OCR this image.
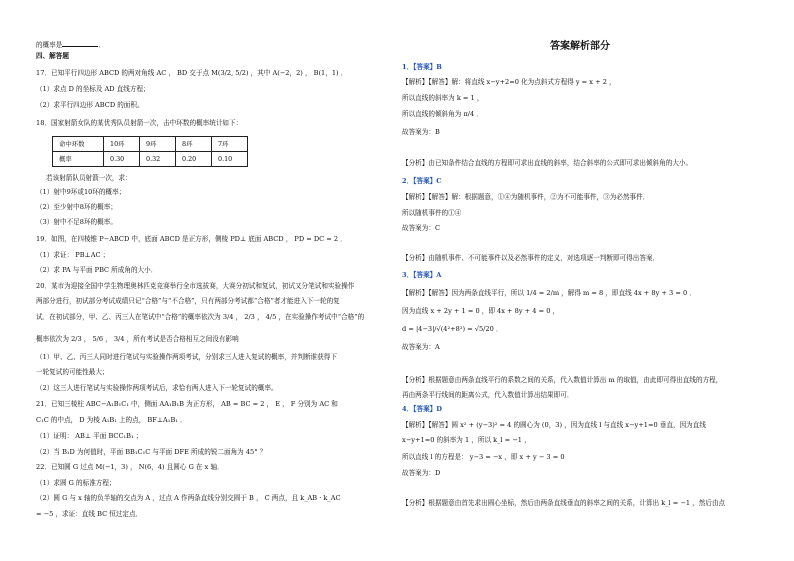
的概率是	．
四、解答题
17．已知平行四边形 ABCD 的两对角线 AC ， BD 交于点 M(3/2, 5/2) ，其中 A(−2，2) ， B(1，1) ．
（1）求点 D 的坐标及 AD 直线方程；
（2）求平行四边形 ABCD 的面积。
18．国家射箭女队的某优秀队员射箭一次，击中环数的概率统计如下：
命中环数	10环	9环	8环	7环
概率	0.30	0.32	0.20	0.10
若该射箭队员射箭一次，求：
（1）射中9环或10环的概率；
（2）至少射中8环的概率；
（3）射中不足8环的概率。
19．如图，在四棱锥 P−ABCD 中，底面 ABCD 是正方形，侧棱 PD⊥ 底面 ABCD ， PD = DC = 2 ．
（1）求证： PB⊥AC ；
（2）求 PA 与平面 PBC 所成角的大小．
20．某市为迎接全国中学生物理奥林匹克竞赛举行全市选拔赛，大赛分初试和复试，初试又分笔试和实验操作
两部分进行，初试部分考试成绩只记“合格”与“不合格”，只有两部分考试都“合格”者才能进入下一轮的复
试．在初试部分，甲、乙、丙三人在笔试中“合格”的概率依次为 3/4 ， 2/3 ， 4/5 ，在实验操作考试中“合格”的
概率依次为 2/3 ， 5/6 ， 3/4 ，所有考试是否合格相互之间没有影响
（1）甲、乙、丙三人同时进行笔试与实验操作两项考试，分别求三人进入复试的概率，并判断谁获得下
一轮复试的可能性最大；
（2）这三人进行笔试与实验操作两项考试后，求恰有两人进入下一轮复试的概率。
21．已知三棱柱 ABC−A₁B₁C₁ 中，侧面 AA₁B₁B 为正方形， AB = BC = 2 ， E ， F 分别为 AC 和
C₁C 的中点， D 为棱 A₁B₁ 上的点， BF⊥A₁B₁ ．
（1）证明： AB⊥ 平面 BCC₁B₁ ；
（2）当 B₁D 为何值时，平面 BB₁C₁C 与平面 DFE 所成的锐二面角为 45° ？
22．已知圆 G 过点 M(−1，3) ， N(6，4) 且圆心 G 在 x 轴．
（1）求圆 G 的标准方程；
（2）圆 G 与 x 轴的负半轴的交点为 A ，过点 A 作两条直线分别交圆于 B ， C 两点，且 k_AB · k_AC
= −5 ，求证：直线 BC 恒过定点．
答案解析部分
1．【答案】B
【解析】【解答】解：将直线 x−y+2=0 化为点斜式方程得 y = x + 2 ，
所以直线的斜率为 k = 1 ，
所以直线的倾斜角为 π/4 ．
故答案为：B
【分析】由已知条件结合直线的方程即可求出直线的斜率，结合斜率的公式即可求出倾斜角的大小。
2．【答案】C
【解析】【解答】解：根据题意，①④为随机事件，②为不可能事件，③为必然事件．
所以随机事件的①④
故答案为：C
【分析】由随机事件、不可能事件以及必然事件的定义，对选项逐一判断即可得出答案．
3．【答案】A
【解析】【解答】因为两条直线平行，所以 1/4 = 2/m ，解得 m = 8 ，即直线 4x + 8y + 3 = 0 ．
因为直线 x + 2y + 1 = 0 ，即 4x + 8y + 4 = 0 ，
d = |4−3|/√(4²+8²) = √5/20 ．
故答案为：A
【分析】根据题意由两条直线平行的系数之间的关系，代入数值计算出 m 的取值，由此即可得出直线的方程，
再由两条平行线间的距离公式，代入数值计算出结果即可．
4．【答案】D
【解析】【解答】圆 x² + (y−3)² = 4 的圆心为 (0，3) ，因为直线 l 与直线 x−y+1=0 垂直，因为直线
x−y+1=0 的斜率为 1 ，所以 k_l = −1 ，
所以直线 l 的方程是： y−3 = −x ，即 x + y − 3 = 0
故答案为：D
【分析】根据题意由首先求出圆心坐标，然后由两条直线垂直的斜率之间的关系，计算出 k_l = −1 ，然后由点
